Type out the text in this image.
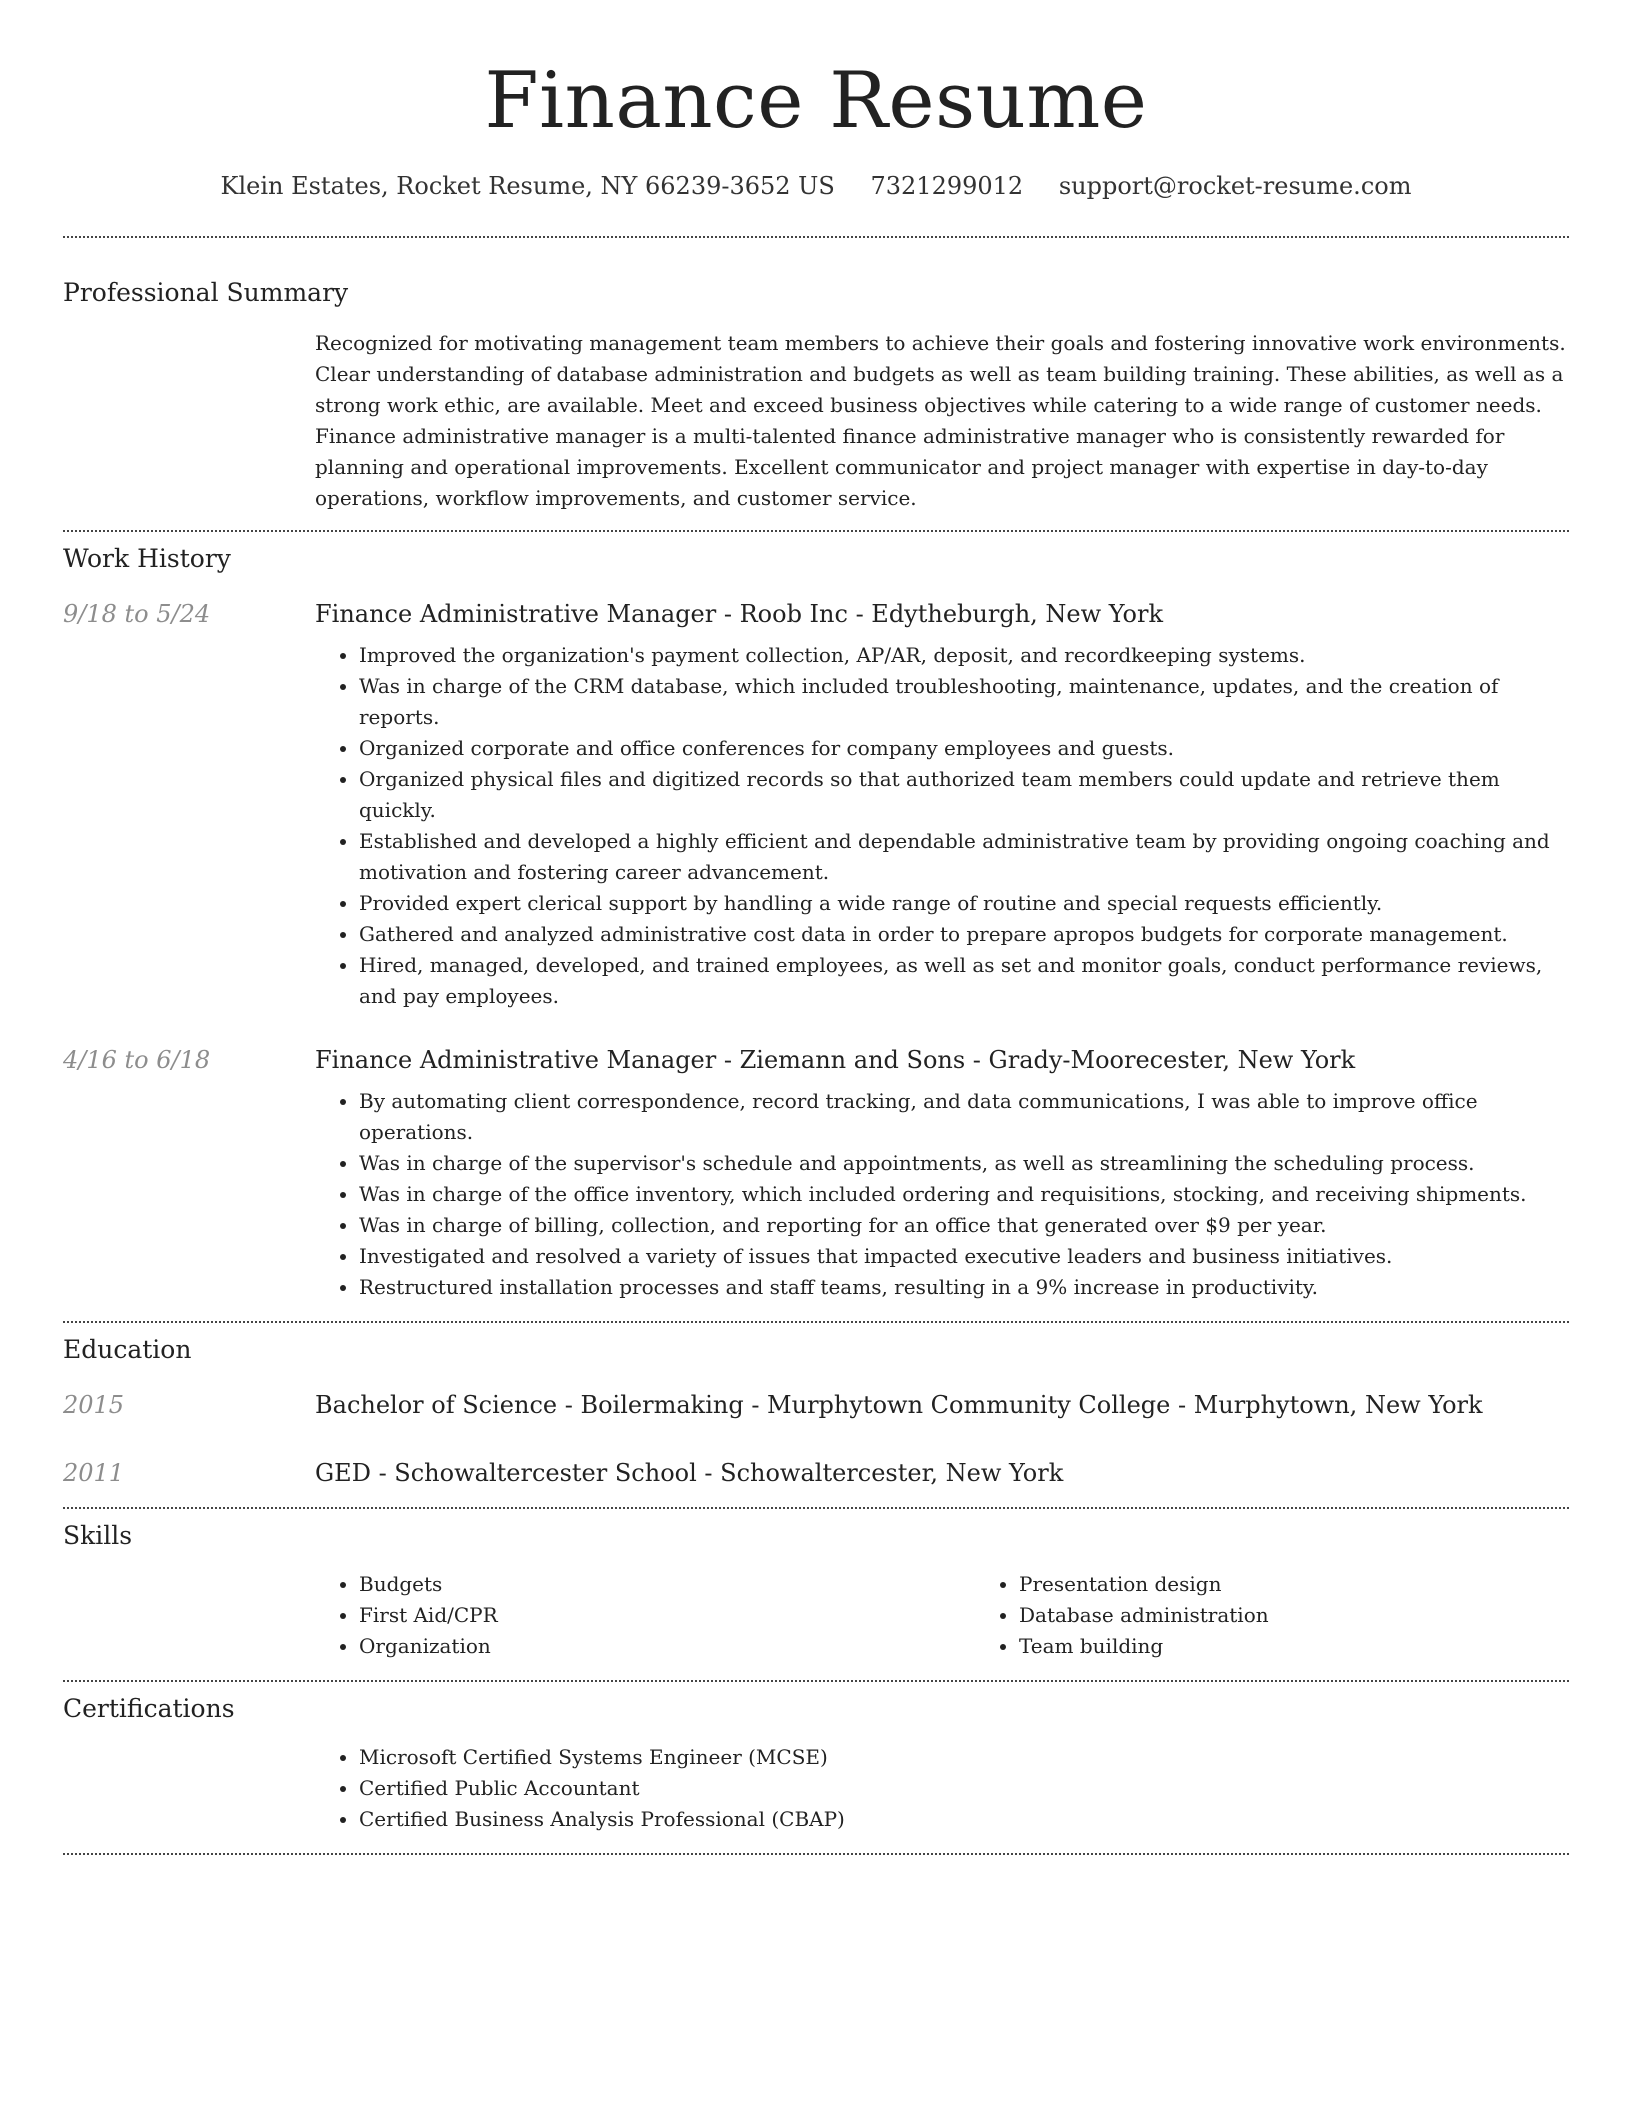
Finance Resume
Klein Estates, Rocket Resume, NY 66239-3652 US 7321299012 support@rocket-resume.com
Professional Summary

Recognized for motivating management team members to achieve their goals and fostering innovative work environments. Clear understanding of database administration and budgets as well as team building training. These abilities, as well as a strong work ethic, are available. Meet and exceed business objectives while catering to a wide range of customer needs. Finance administrative manager is a multi-talented finance administrative manager who is consistently rewarded for planning and operational improvements. Excellent communicator and project manager with expertise in day-to-day operations, workflow improvements, and customer service.

Work History
9/18 to 5/24	Finance Administrative Manager - Roob Inc - Edytheburgh, New York
• Improved the organization's payment collection, AP/AR, deposit, and recordkeeping systems.
• Was in charge of the CRM database, which included troubleshooting, maintenance, updates, and the creation of reports.
• Organized corporate and office conferences for company employees and guests.
• Organized physical files and digitized records so that authorized team members could update and retrieve them quickly.
• Established and developed a highly efficient and dependable administrative team by providing ongoing coaching and motivation and fostering career advancement.
• Provided expert clerical support by handling a wide range of routine and special requests efficiently.
• Gathered and analyzed administrative cost data in order to prepare apropos budgets for corporate management.
• Hired, managed, developed, and trained employees, as well as set and monitor goals, conduct performance reviews, and pay employees.
4/16 to 6/18	Finance Administrative Manager - Ziemann and Sons - Grady-Moorecester, New York
• By automating client correspondence, record tracking, and data communications, I was able to improve office operations.
• Was in charge of the supervisor's schedule and appointments, as well as streamlining the scheduling process.
• Was in charge of the office inventory, which included ordering and requisitions, stocking, and receiving shipments.
• Was in charge of billing, collection, and reporting for an office that generated over $9 per year.
• Investigated and resolved a variety of issues that impacted executive leaders and business initiatives.
• Restructured installation processes and staff teams, resulting in a 9% increase in productivity.
Education
2015	Bachelor of Science - Boilermaking - Murphytown Community College - Murphytown, New York
2011	GED - Schowaltercester School - Schowaltercester, New York
Skills
• Budgets
• First Aid/CPR
• Organization
• Presentation design
• Database administration
• Team building
Certifications
• Microsoft Certified Systems Engineer (MCSE)
• Certified Public Accountant
• Certified Business Analysis Professional (CBAP)
